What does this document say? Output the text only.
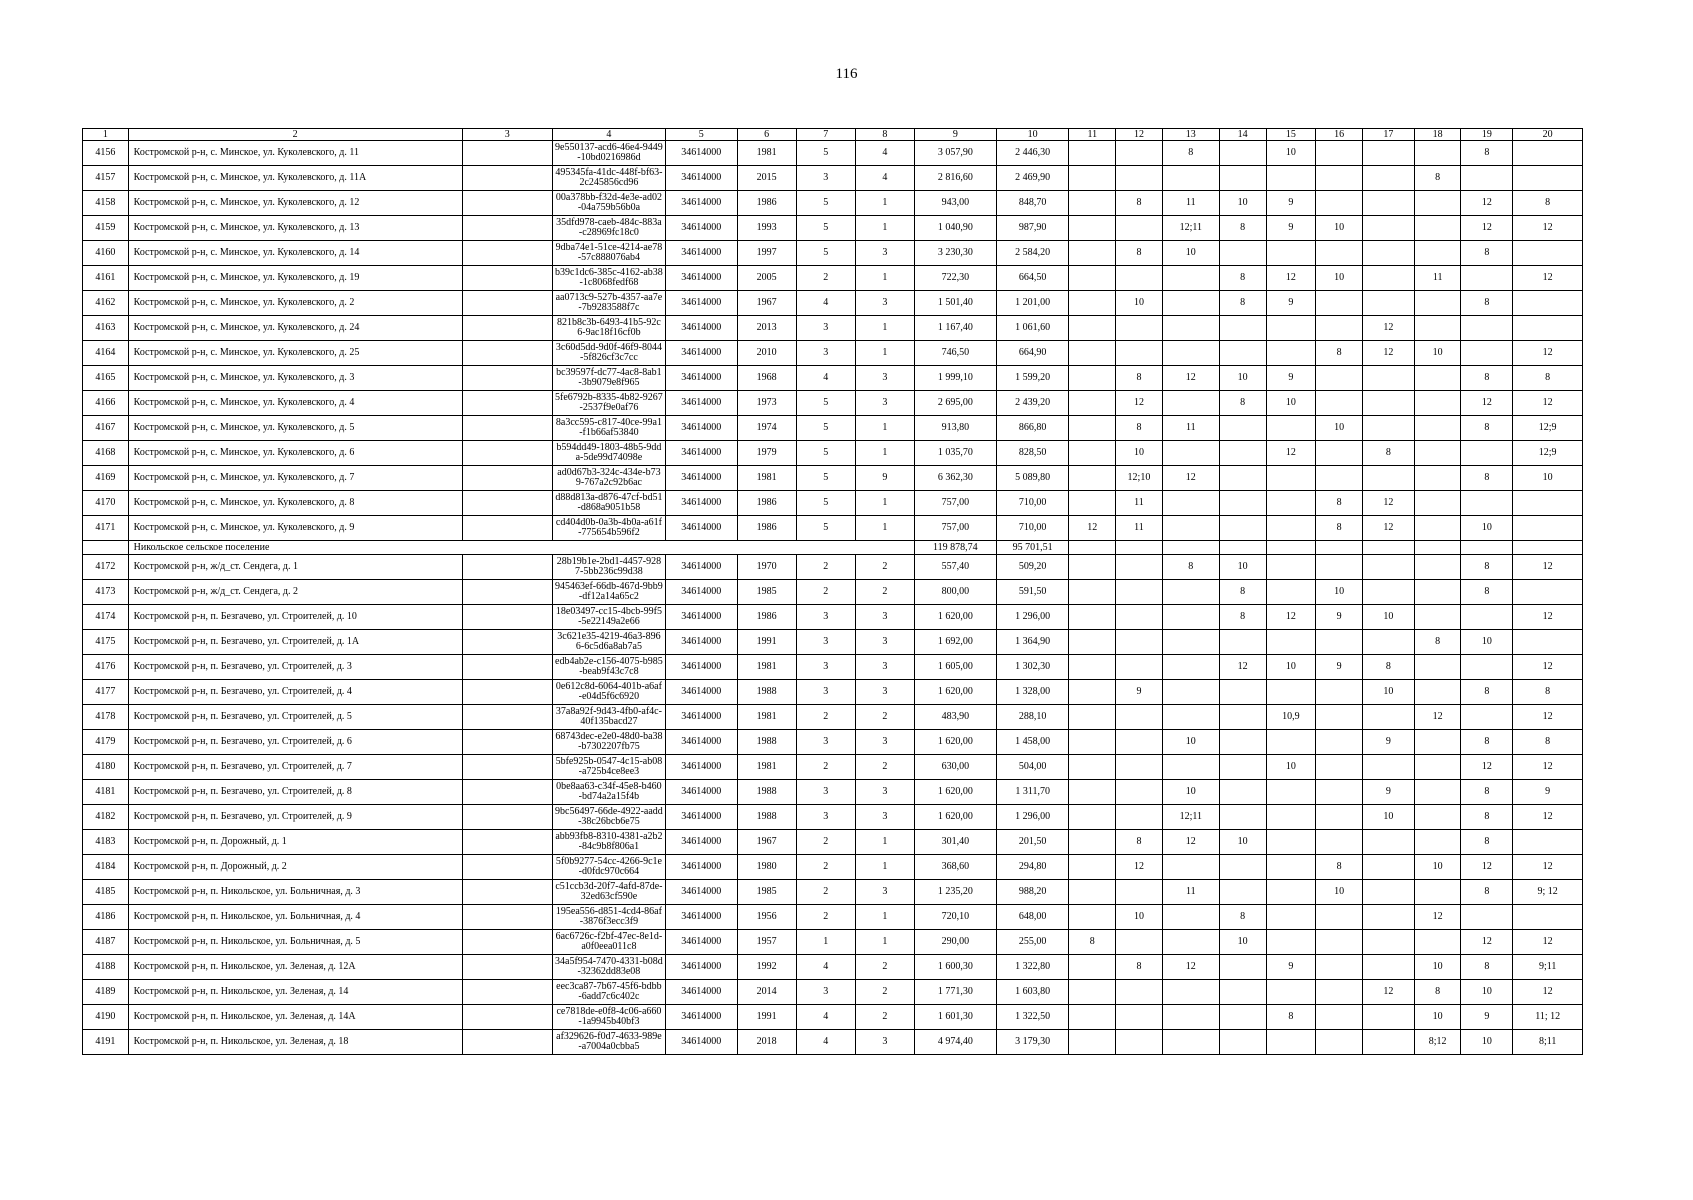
116
1	2	3	4	5	6	7	8	9	10	11	12	13	14	15	16	17	18	19	20
4156	Костромской р-н, с. Минское, ул. Куколевского, д. 11		9e550137-acd6-46e4-9449-10bd0216986d	34614000	1981	5	4	3 057,90	2 446,30			8		10				8	
4157	Костромской р-н, с. Минское, ул. Куколевского, д. 11А		495345fa-41dc-448f-bf63-2c245856cd96	34614000	2015	3	4	2 816,60	2 469,90								8		
4158	Костромской р-н, с. Минское, ул. Куколевского, д. 12		00a378bb-f32d-4e3e-ad02-04a759b56b0a	34614000	1986	5	1	943,00	848,70		8	11	10	9				12	8
4159	Костромской р-н, с. Минское, ул. Куколевского, д. 13		35dfd978-caeb-484c-883a-c28969fc18c0	34614000	1993	5	1	1 040,90	987,90			12;11	8	9	10			12	12
4160	Костромской р-н, с. Минское, ул. Куколевского, д. 14		9dba74e1-51ce-4214-ae78-57c888076ab4	34614000	1997	5	3	3 230,30	2 584,20		8	10						8	
4161	Костромской р-н, с. Минское, ул. Куколевского, д. 19		b39c1dc6-385c-4162-ab38-1c8068fedf68	34614000	2005	2	1	722,30	664,50				8	12	10		11		12
4162	Костромской р-н, с. Минское, ул. Куколевского, д. 2		aa0713c9-527b-4357-aa7e-7b9283588f7c	34614000	1967	4	3	1 501,40	1 201,00		10		8	9				8	
4163	Костромской р-н, с. Минское, ул. Куколевского, д. 24		821b8c3b-6493-41b5-92c6-9ac18f16cf0b	34614000	2013	3	1	1 167,40	1 061,60							12			
4164	Костромской р-н, с. Минское, ул. Куколевского, д. 25		3c60d5dd-9d0f-46f9-8044-5f826cf3c7cc	34614000	2010	3	1	746,50	664,90						8	12	10		12
4165	Костромской р-н, с. Минское, ул. Куколевского, д. 3		bc39597f-dc77-4ac8-8ab1-3b9079e8f965	34614000	1968	4	3	1 999,10	1 599,20		8	12	10	9				8	8
4166	Костромской р-н, с. Минское, ул. Куколевского, д. 4		5fe6792b-8335-4b82-9267-2537f9e0af76	34614000	1973	5	3	2 695,00	2 439,20		12		8	10				12	12
4167	Костромской р-н, с. Минское, ул. Куколевского, д. 5		8a3cc595-c817-40ce-99a1-f1b66af53840	34614000	1974	5	1	913,80	866,80		8	11			10			8	12;9
4168	Костромской р-н, с. Минское, ул. Куколевского, д. 6		b594dd49-1803-48b5-9dda-5de99d74098e	34614000	1979	5	1	1 035,70	828,50		10			12		8			12;9
4169	Костромской р-н, с. Минское, ул. Куколевского, д. 7		ad0d67b3-324c-434e-b739-767a2c92b6ac	34614000	1981	5	9	6 362,30	5 089,80		12;10	12						8	10
4170	Костромской р-н, с. Минское, ул. Куколевского, д. 8		d88d813a-d876-47cf-bd51-d868a9051b58	34614000	1986	5	1	757,00	710,00		11				8	12			
4171	Костромской р-н, с. Минское, ул. Куколевского, д. 9		cd404d0b-0a3b-4b0a-a61f-775654b596f2	34614000	1986	5	1	757,00	710,00	12	11				8	12		10	
	Никольское сельское поселение							119 878,74	95 701,51										
4172	Костромской р-н, ж/д_ст. Сендега, д. 1		28b19b1e-2bd1-4457-9287-5bb236c99d38	34614000	1970	2	2	557,40	509,20			8	10					8	12
4173	Костромской р-н, ж/д_ст. Сендега, д. 2		945463ef-66db-467d-9bb9-df12a14a65c2	34614000	1985	2	2	800,00	591,50				8		10			8	
4174	Костромской р-н, п. Безгачево, ул. Строителей, д. 10		18e03497-cc15-4bcb-99f5-5e22149a2e66	34614000	1986	3	3	1 620,00	1 296,00				8	12	9	10			12
4175	Костромской р-н, п. Безгачево, ул. Строителей, д. 1А		3c621e35-4219-46a3-8966-6c5d6a8ab7a5	34614000	1991	3	3	1 692,00	1 364,90								8	10	
4176	Костромской р-н, п. Безгачево, ул. Строителей, д. 3		edb4ab2e-c156-4075-b985-beab9f43c7c8	34614000	1981	3	3	1 605,00	1 302,30				12	10	9	8			12
4177	Костромской р-н, п. Безгачево, ул. Строителей, д. 4		0e612c8d-6064-401b-a6af-e04d5f6c6920	34614000	1988	3	3	1 620,00	1 328,00		9					10		8	8
4178	Костромской р-н, п. Безгачево, ул. Строителей, д. 5		37a8a92f-9d43-4fb0-af4c-40f135bacd27	34614000	1981	2	2	483,90	288,10					10,9			12		12
4179	Костромской р-н, п. Безгачево, ул. Строителей, д. 6		68743dec-e2e0-48d0-ba38-b7302207fb75	34614000	1988	3	3	1 620,00	1 458,00			10				9		8	8
4180	Костромской р-н, п. Безгачево, ул. Строителей, д. 7		5bfe925b-0547-4c15-ab08-a725b4ce8ee3	34614000	1981	2	2	630,00	504,00					10				12	12
4181	Костромской р-н, п. Безгачево, ул. Строителей, д. 8		0be8aa63-c34f-45e8-b460-bd74a2a15f4b	34614000	1988	3	3	1 620,00	1 311,70			10				9		8	9
4182	Костромской р-н, п. Безгачево, ул. Строителей, д. 9		9bc56497-66de-4922-aadd-38c26bcb6e75	34614000	1988	3	3	1 620,00	1 296,00			12;11				10		8	12
4183	Костромской р-н, п. Дорожный, д. 1		abb93fb8-8310-4381-a2b2-84c9b8f806a1	34614000	1967	2	1	301,40	201,50		8	12	10					8	
4184	Костромской р-н, п. Дорожный, д. 2		5f0b9277-54cc-4266-9c1e-d0fdc970c664	34614000	1980	2	1	368,60	294,80		12				8		10	12	12
4185	Костромской р-н, п. Никольское, ул. Больничная, д. 3		c51ccb3d-20f7-4afd-87de-32ed63cf590e	34614000	1985	2	3	1 235,20	988,20			11			10			8	9; 12
4186	Костромской р-н, п. Никольское, ул. Больничная, д. 4		195ea556-d851-4cd4-86af-3876f3ecc3f9	34614000	1956	2	1	720,10	648,00		10		8				12		
4187	Костромской р-н, п. Никольское, ул. Больничная, д. 5		6ac6726c-f2bf-47ec-8e1d-a0f0eea011c8	34614000	1957	1	1	290,00	255,00	8			10					12	12
4188	Костромской р-н, п. Никольское, ул. Зеленая, д. 12А		34a5f954-7470-4331-b08d-32362dd83e08	34614000	1992	4	2	1 600,30	1 322,80		8	12		9			10	8	9;11
4189	Костромской р-н, п. Никольское, ул. Зеленая, д. 14		eec3ca87-7b67-45f6-bdbb-6add7c6c402c	34614000	2014	3	2	1 771,30	1 603,80							12	8	10	12
4190	Костромской р-н, п. Никольское, ул. Зеленая, д. 14А		ce7818de-e0f8-4c06-a660-1a9945b40bf3	34614000	1991	4	2	1 601,30	1 322,50					8			10	9	11; 12
4191	Костромской р-н, п. Никольское, ул. Зеленая, д. 18		af329626-f0d7-4633-989e-a7004a0cbba5	34614000	2018	4	3	4 974,40	3 179,30								8;12	10	8;11
